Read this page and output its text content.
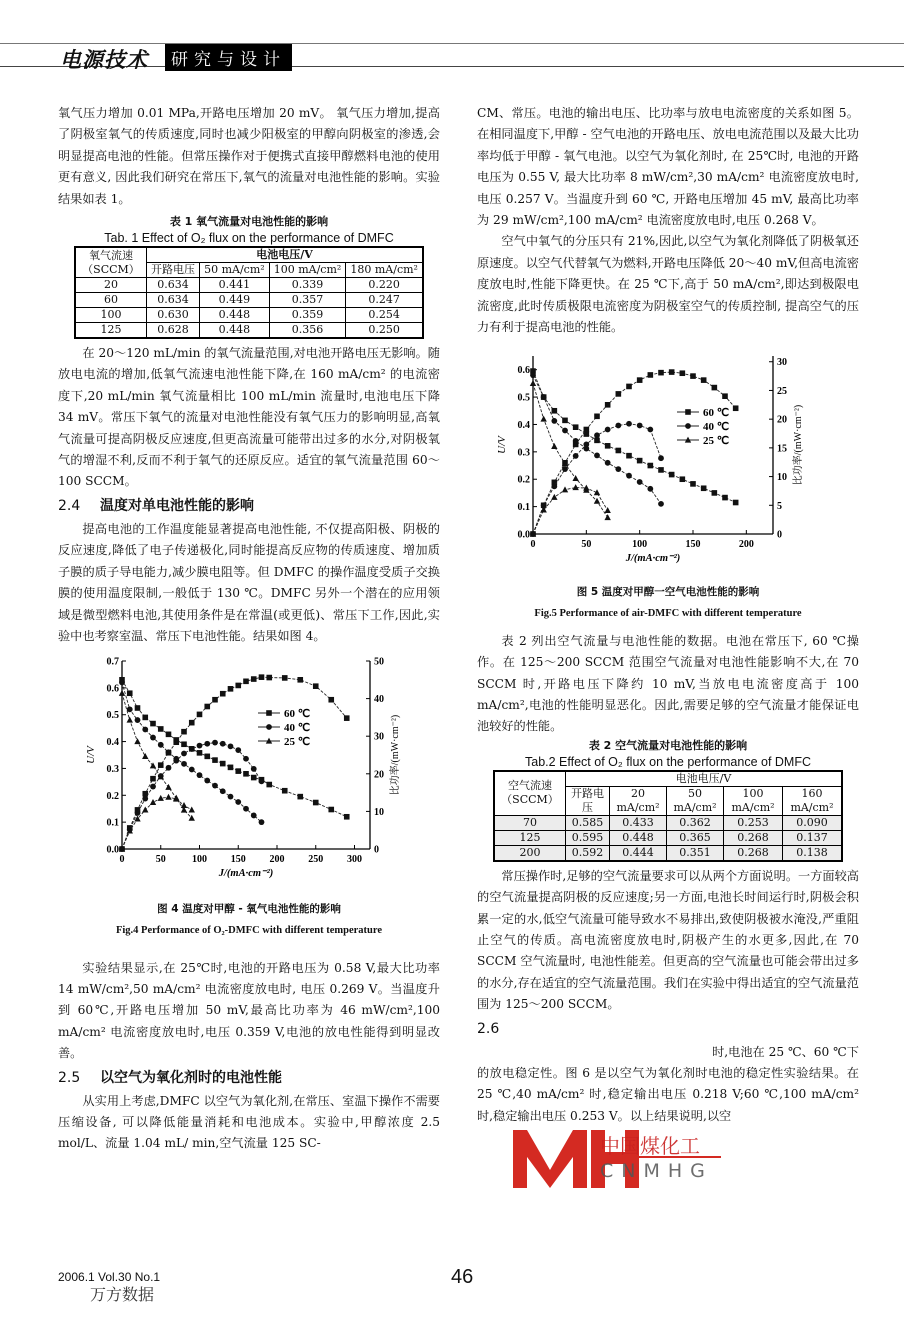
电源技术	研究与设计

氧气压力增加 0.01 MPa,开路电压增加 20 mV。 氧气压力增加,提高了阴极室氧气的传质速度,同时也减少阳极室的甲醇向阴极室的渗透,会明显提高电池的性能。但常压操作对于便携式直接甲醇燃料电池的使用更有意义, 因此我们研究在常压下,氧气的流量对电池性能的影响。实验结果如表 1。

表 1 氧气流量对电池性能的影响
Tab. 1 Effect of O₂ flux on the performance of DMFC
氧气流速（SCCM）	电池电压/V			
	开路电压	50 mA/cm²	100 mA/cm²	180 mA/cm²
20	0.634	0.441	0.339	0.220
60	0.634	0.449	0.357	0.247
100	0.630	0.448	0.359	0.254
125	0.628	0.448	0.356	0.250

在 20～120 mL/min 的氧气流量范围,对电池开路电压无影响。随放电电流的增加,低氧气流速电池性能下降,在 160 mA/cm² 的电流密度下,20 mL/min 氧气流量相比 100 mL/min 流量时,电池电压下降 34 mV。常压下氧气的流量对电池性能没有氧气压力的影响明显,高氧气流量可提高阴极反应速度,但更高流量可能带出过多的水分,对阴极氧气的增湿不利,反而不利于氧气的还原反应。适宜的氧气流量范围 60～100 SCCM。

2.4 温度对单电池性能的影响

提高电池的工作温度能显著提高电池性能, 不仅提高阳极、阴极的反应速度,降低了电子传递极化,同时能提高反应物的传质速度、增加质子膜的质子导电能力,减少膜电阻等。但 DMFC 的操作温度受质子交换膜的使用温度限制,一般低于 130 ℃。DMFC 另外一个潜在的应用领域是微型燃料电池,其使用条件是在常温(或更低)、常压下工作,因此,实验中也考察室温、常压下电池性能。结果如图 4。

0	50	100 150 200 250 300
0.0
0.1
0.2
0.3
0.4
0.5
0.6
0.7
0
10
20
30
40
50
J/(mA·cm⁻²)
U/V	比功率/(mW·cm⁻²)
60 ℃
40 ℃
25 ℃
图 4 温度对甲醇 - 氧气电池性能的影响
Fig.4 Performance of O₂-DMFC with different temperature

实验结果显示,在 25℃时,电池的开路电压为 0.58 V,最大比功率 14 mW/cm²,50 mA/cm² 电流密度放电时, 电压 0.269 V。当温度升到 60℃,开路电压增加 50 mV,最高比功率为 46 mW/cm²,100 mA/cm² 电流密度放电时,电压 0.359 V,电池的放电性能得到明显改善。

2.5 以空气为氧化剂时的电池性能

从实用上考虑,DMFC 以空气为氧化剂,在常压、室温下操作不需要压缩设备, 可以降低能量消耗和电池成本。实验中,甲醇浓度 2.5 mol/L、流量 1.04 mL/ min,空气流量 125 SC-

CM、常压。电池的输出电压、比功率与放电电流密度的关系如图 5。在相同温度下,甲醇 - 空气电池的开路电压、放电电流范围以及最大比功率均低于甲醇 - 氧气电池。以空气为氧化剂时, 在 25℃时, 电池的开路电压为 0.55 V, 最大比功率 8 mW/cm²,30 mA/cm² 电流密度放电时,电压 0.257 V。当温度升到 60 ℃, 开路电压增加 45 mV, 最高比功率为 29 mW/cm²,100 mA/cm² 电流密度放电时,电压 0.268 V。

空气中氧气的分压只有 21%,因此,以空气为氧化剂降低了阴极氧还原速度。以空气代替氧气为燃料,开路电压降低 20～40 mV,但高电流密度放电时,性能下降更快。在 25 ℃下,高于 50 mA/cm²,即达到极限电流密度,此时传质极限电流密度为阴极室空气的传质控制, 提高空气的压力有利于提高电池的性能。

0	50	100	150	200
0.0
0.1
0.2
0.3
0.4
0.5
0.6
0
5
10
15
20
25
30
J/(mA·cm⁻²)
U/V	比功率/(mW·cm⁻²)
60 ℃
40 ℃
25 ℃
图 5 温度对甲醇一空气电池性能的影响
Fig.5 Performance of air-DMFC with different temperature

表 2 列出空气流量与电池性能的数据。电池在常压下, 60 ℃操作。在 125～200 SCCM 范围空气流量对电池性能影响不大,在 70 SCCM 时,开路电压下降约 10 mV,当放电电流密度高于 100 mA/cm²,电池的性能明显恶化。因此,需要足够的空气流量才能保证电池较好的性能。

表 2 空气流量对电池性能的影响
Tab.2 Effect of O₂ flux on the performance of DMFC
空气流速（SCCM）	电池电压/V				
	开路电压	20 mA/cm²	50 mA/cm²	100 mA/cm²	160 mA/cm²
70	0.585	0.433	0.362	0.253	0.090
125	0.595	0.448	0.365	0.268	0.137
200	0.592	0.444	0.351	0.268	0.138

常压操作时,足够的空气流量要求可以从两个方面说明。一方面较高的空气流量提高阴极的反应速度;另一方面,电池长时间运行时,阴极会积累一定的水,低空气流量可能导致水不易排出,致使阴极被水淹没,严重阻止空气的传质。高电流密度放电时,阴极产生的水更多,因此,在 70 SCCM 空气流量时, 电池性能差。但更高的空气流量也可能会带出过多的水分,存在适宜的空气流量范围。我们在实验中得出适宜的空气流量范围为 125～200 SCCM。

2.6

时,电池在 25 ℃、60 ℃下

的放电稳定性。图 6 是以空气为氧化剂时电池的稳定性实验结果。在 25 ℃,40 mA/cm² 时,稳定输出电压 0.218 V;60 ℃,100 mA/cm² 时,稳定输出电压 0.253 V。以上结果说明,以空

中国煤化工
CNMHG
2006.1 Vol.30 No.1
万方数据
46
